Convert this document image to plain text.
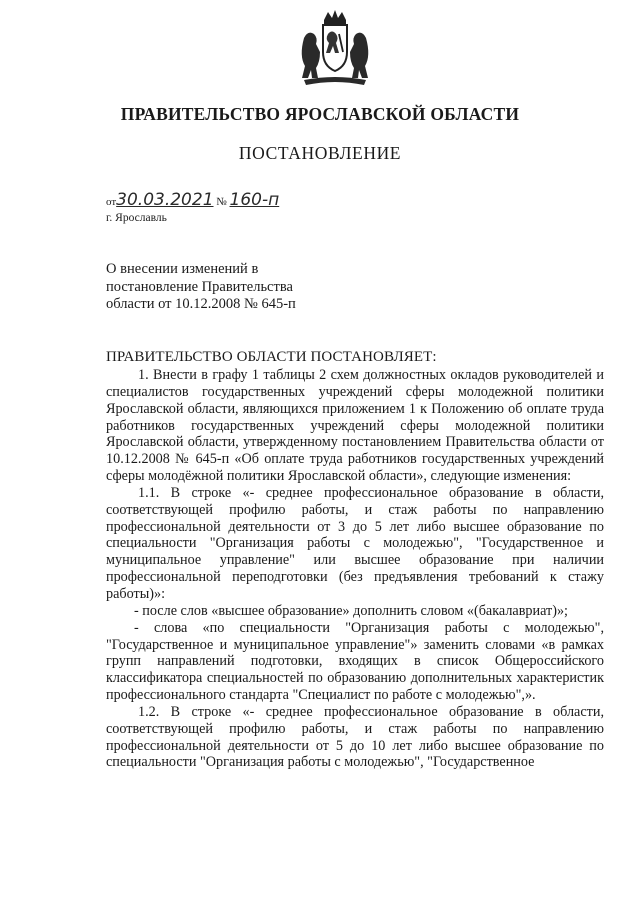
ПРАВИТЕЛЬСТВО ЯРОСЛАВСКОЙ ОБЛАСТИ
ПОСТАНОВЛЕНИЕ
от30.03.2021 № 160-п
г. Ярославль
О внесении изменений в
постановление Правительства
области от 10.12.2008 № 645-п
ПРАВИТЕЛЬСТВО ОБЛАСТИ ПОСТАНОВЛЯЕТ:

1. Внести в графу 1 таблицы 2 схем должностных окладов руководителей и специалистов государственных учреждений сферы молодежной политики Ярославской области, являющихся приложением 1 к Положению об оплате труда работников государственных учреждений сферы молодежной политики Ярославской области, утвержденному постановлением Правительства области от 10.12.2008 № 645-п «Об оплате труда работников государственных учреждений сферы молодёжной политики Ярославской области», следующие изменения:

1.1. В строке «- среднее профессиональное образование в области, соответствующей профилю работы, и стаж работы по направлению профессиональной деятельности от 3 до 5 лет либо высшее образование по специальности "Организация работы с молодежью", "Государственное и муниципальное управление" или высшее образование при наличии профессиональной переподготовки (без предъявления требований к стажу работы)»:

- после слов «высшее образование» дополнить словом «(бакалавриат)»;

- слова «по специальности "Организация работы с молодежью", "Государственное и муниципальное управление"» заменить словами «в рамках групп направлений подготовки, входящих в список Общероссийского классификатора специальностей по образованию дополнительных характеристик профессионального стандарта "Специалист по работе с молодежью",».

1.2. В строке «- среднее профессиональное образование в области, соответствующей профилю работы, и стаж работы по направлению профессиональной деятельности от 5 до 10 лет либо высшее образование по специальности "Организация работы с молодежью", "Государственное
